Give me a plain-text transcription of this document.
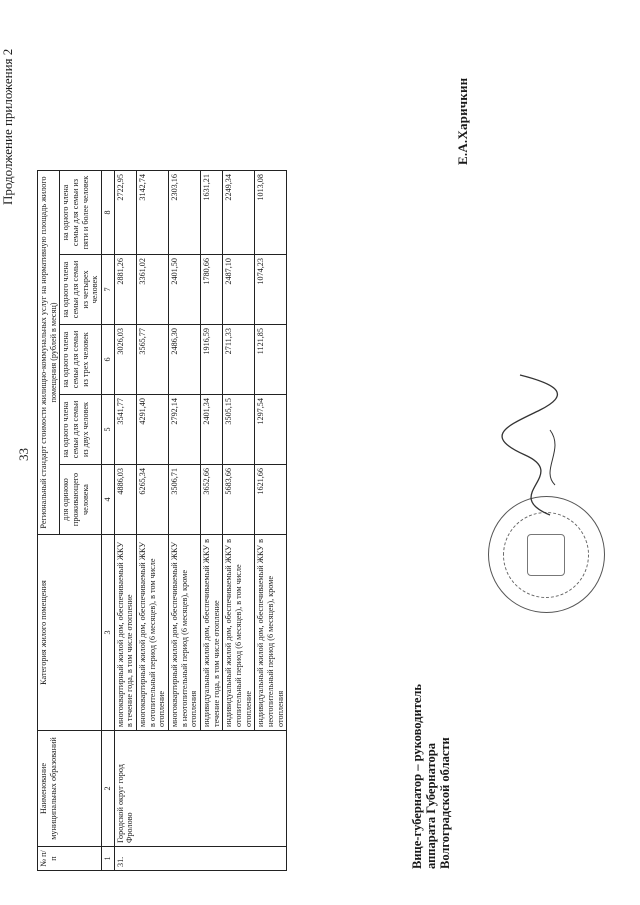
33
Продолжение приложения 2
№ п/п	Наименование муниципальных образований	Категория жилого помещения	Региональный стандарт стоимости жилищно-коммунальных услуг на нормативную площадь жилого помещения (рублей в месяц)				
			для одиноко проживающего человека	на одного члена семьи для семьи из двух человек	на одного члена семьи для семьи из трех человек	на одного члена семьи для семьи из четырех человек	на одного члена семьи для семьи из пяти и более человек
1	2	3	4	5	6	7	8
31.	Городской округ город Фролово	многоквартирный жилой дом, обеспечиваемый ЖКУ в течение года, в том числе отопление	4886,03	3541,77	3026,03	2881,26	2722,95
		многоквартирный жилой дом, обеспечиваемый ЖКУ в отопительный период (6 месяцев), в том числе отопление	6265,34	4291,40	3565,77	3361,02	3142,74
		многоквартирный жилой дом, обеспечиваемый ЖКУ в неотопительный период (6 месяцев), кроме отопления	3506,71	2792,14	2486,30	2401,50	2303,16
		индивидуальный жилой дом, обеспечиваемый ЖКУ в течение года, в том числе отопление	3652,66	2401,34	1916,59	1780,66	1631,21
		индивидуальный жилой дом, обеспечиваемый ЖКУ в отопительный период (6 месяцев), в том числе отопление	5683,66	3505,15	2711,33	2487,10	2249,34
		индивидуальный жилой дом, обеспечиваемый ЖКУ в неотопительный период (6 месяцев), кроме отопления	1621,66	1297,54	1121,85	1074,23	1013,08
Вице-губернатор – руководитель аппарата Губернатора Волгоградской области
Е.А.Харичкин
